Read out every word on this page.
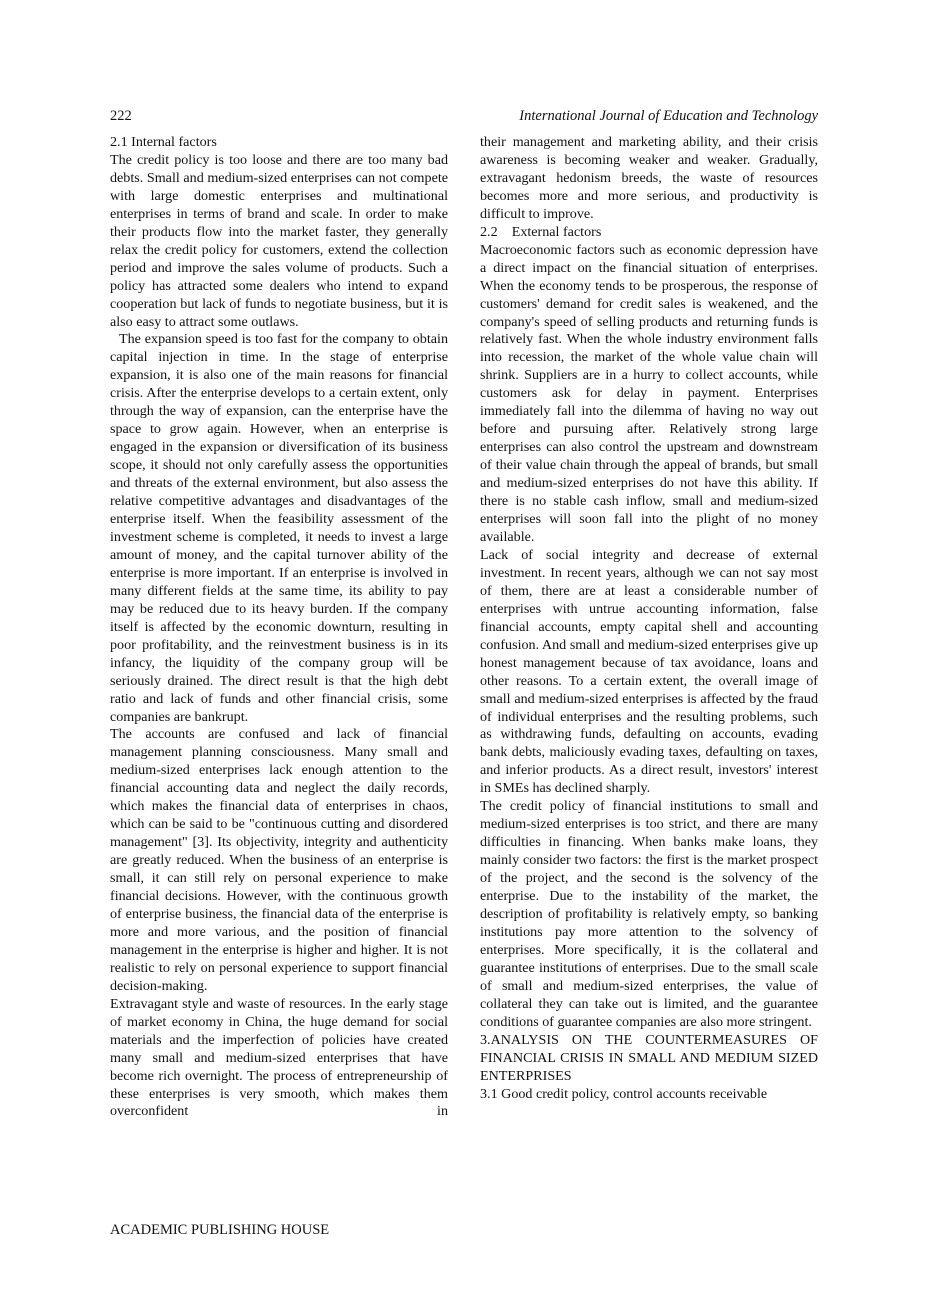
222	International Journal of Education and Technology

2.1 Internal factors

The credit policy is too loose and there are too many bad debts. Small and medium-sized enterprises can not compete with large domestic enterprises and multinational enterprises in terms of brand and scale. In order to make their products flow into the market faster, they generally relax the credit policy for customers, extend the collection period and improve the sales volume of products. Such a policy has attracted some dealers who intend to expand cooperation but lack of funds to negotiate business, but it is also easy to attract some outlaws.

The expansion speed is too fast for the company to obtain capital injection in time. In the stage of enterprise expansion, it is also one of the main reasons for financial crisis. After the enterprise develops to a certain extent, only through the way of expansion, can the enterprise have the space to grow again. However, when an enterprise is engaged in the expansion or diversification of its business scope, it should not only carefully assess the opportunities and threats of the external environment, but also assess the relative competitive advantages and disadvantages of the enterprise itself. When the feasibility assessment of the investment scheme is completed, it needs to invest a large amount of money, and the capital turnover ability of the enterprise is more important. If an enterprise is involved in many different fields at the same time, its ability to pay may be reduced due to its heavy burden. If the company itself is affected by the economic downturn, resulting in poor profitability, and the reinvestment business is in its infancy, the liquidity of the company group will be seriously drained. The direct result is that the high debt ratio and lack of funds and other financial crisis, some companies are bankrupt.

The accounts are confused and lack of financial management planning consciousness. Many small and medium-sized enterprises lack enough attention to the financial accounting data and neglect the daily records, which makes the financial data of enterprises in chaos, which can be said to be "continuous cutting and disordered management" [3]. Its objectivity, integrity and authenticity are greatly reduced. When the business of an enterprise is small, it can still rely on personal experience to make financial decisions. However, with the continuous growth of enterprise business, the financial data of the enterprise is more and more various, and the position of financial management in the enterprise is higher and higher. It is not realistic to rely on personal experience to support financial decision-making.

Extravagant style and waste of resources. In the early stage of market economy in China, the huge demand for social materials and the imperfection of policies have created many small and medium-sized enterprises that have become rich overnight. The process of entrepreneurship of these enterprises is very smooth, which makes them overconfident in

their management and marketing ability, and their crisis awareness is becoming weaker and weaker. Gradually, extravagant hedonism breeds, the waste of resources becomes more and more serious, and productivity is difficult to improve.

2.2    External factors

Macroeconomic factors such as economic depression have a direct impact on the financial situation of enterprises. When the economy tends to be prosperous, the response of customers' demand for credit sales is weakened, and the company's speed of selling products and returning funds is relatively fast. When the whole industry environment falls into recession, the market of the whole value chain will shrink. Suppliers are in a hurry to collect accounts, while customers ask for delay in payment. Enterprises immediately fall into the dilemma of having no way out before and pursuing after. Relatively strong large enterprises can also control the upstream and downstream of their value chain through the appeal of brands, but small and medium-sized enterprises do not have this ability. If there is no stable cash inflow, small and medium-sized enterprises will soon fall into the plight of no money available.

Lack of social integrity and decrease of external investment. In recent years, although we can not say most of them, there are at least a considerable number of enterprises with untrue accounting information, false financial accounts, empty capital shell and accounting confusion. And small and medium-sized enterprises give up honest management because of tax avoidance, loans and other reasons. To a certain extent, the overall image of small and medium-sized enterprises is affected by the fraud of individual enterprises and the resulting problems, such as withdrawing funds, defaulting on accounts, evading bank debts, maliciously evading taxes, defaulting on taxes, and inferior products. As a direct result, investors' interest in SMEs has declined sharply.

The credit policy of financial institutions to small and medium-sized enterprises is too strict, and there are many difficulties in financing. When banks make loans, they mainly consider two factors: the first is the market prospect of the project, and the second is the solvency of the enterprise. Due to the instability of the market, the description of profitability is relatively empty, so banking institutions pay more attention to the solvency of enterprises. More specifically, it is the collateral and guarantee institutions of enterprises. Due to the small scale of small and medium-sized enterprises, the value of collateral they can take out is limited, and the guarantee conditions of guarantee companies are also more stringent.

3.ANALYSIS ON THE COUNTERMEASURES OF FINANCIAL CRISIS IN SMALL AND MEDIUM SIZED ENTERPRISES

3.1 Good credit policy, control accounts receivable

ACADEMIC PUBLISHING HOUSE
